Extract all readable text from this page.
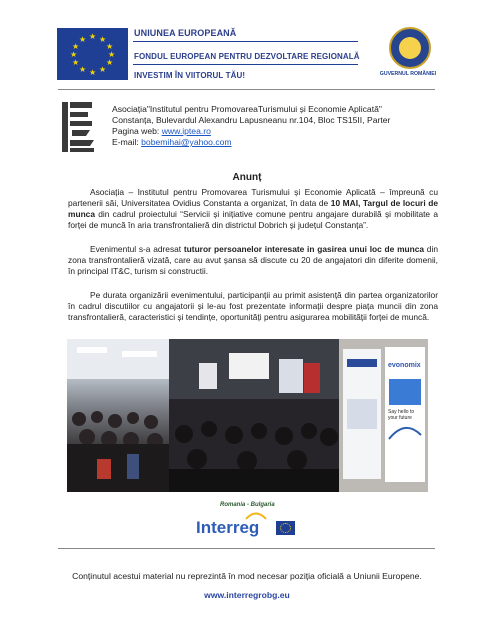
★ ★
★
★
★
★
★
★
★
★
★
★
UNIUNEA EUROPEANĂ
FONDUL EUROPEAN PENTRU DEZVOLTARE REGIONALĂ
INVESTIM ÎN VIITORUL TĂU!	GUVERNUL ROMÂNIEI
Asociația"Institutul pentru PromovareaTurismului și Economie Aplicată"
Constanța, Bulevardul Alexandru Lapusneanu nr.104, Bloc TS15II, Parter
Pagina web: www.iptea.ro
E-mail: bobemihai@yahoo.com
Anunț
Asociația – Institutul pentru Promovarea Turismului și Economie Aplicată – împreună cu partenerii săi, Universitatea Ovidius Constanta a organizat, în data de 10 MAI, Targul de locuri de munca din cadrul proiectului “Servicii și inițiative comune pentru angajare durabilă și mobilitate a forței de muncă în aria transfrontalieră din districtul Dobrich și județul Constanța”.
Evenimentul s-a adresat tuturor persoanelor interesate in gasirea unui loc de munca din zona transfrontalieră vizată, care au avut șansa să discute cu 20 de angajatori din diferite domenii, în principal IT&C, turism si constructii.
Pe durata organizării evenimentului, participanții au primit asistență din partea organizatorilor în cadrul discutiilor cu angajatorii și le-au fost prezentate informații despre piața muncii din zona transfrontalieră, caracteristici și tendințe, oportunități pentru asigurarea mobilității forței de muncă.
evonomix
Say hello to your future
Romania - Bulgaria
Interreg
Conținutul acestui material nu reprezintă în mod necesar poziția oficială a Uniunii Europene.
www.interregrobg.eu
